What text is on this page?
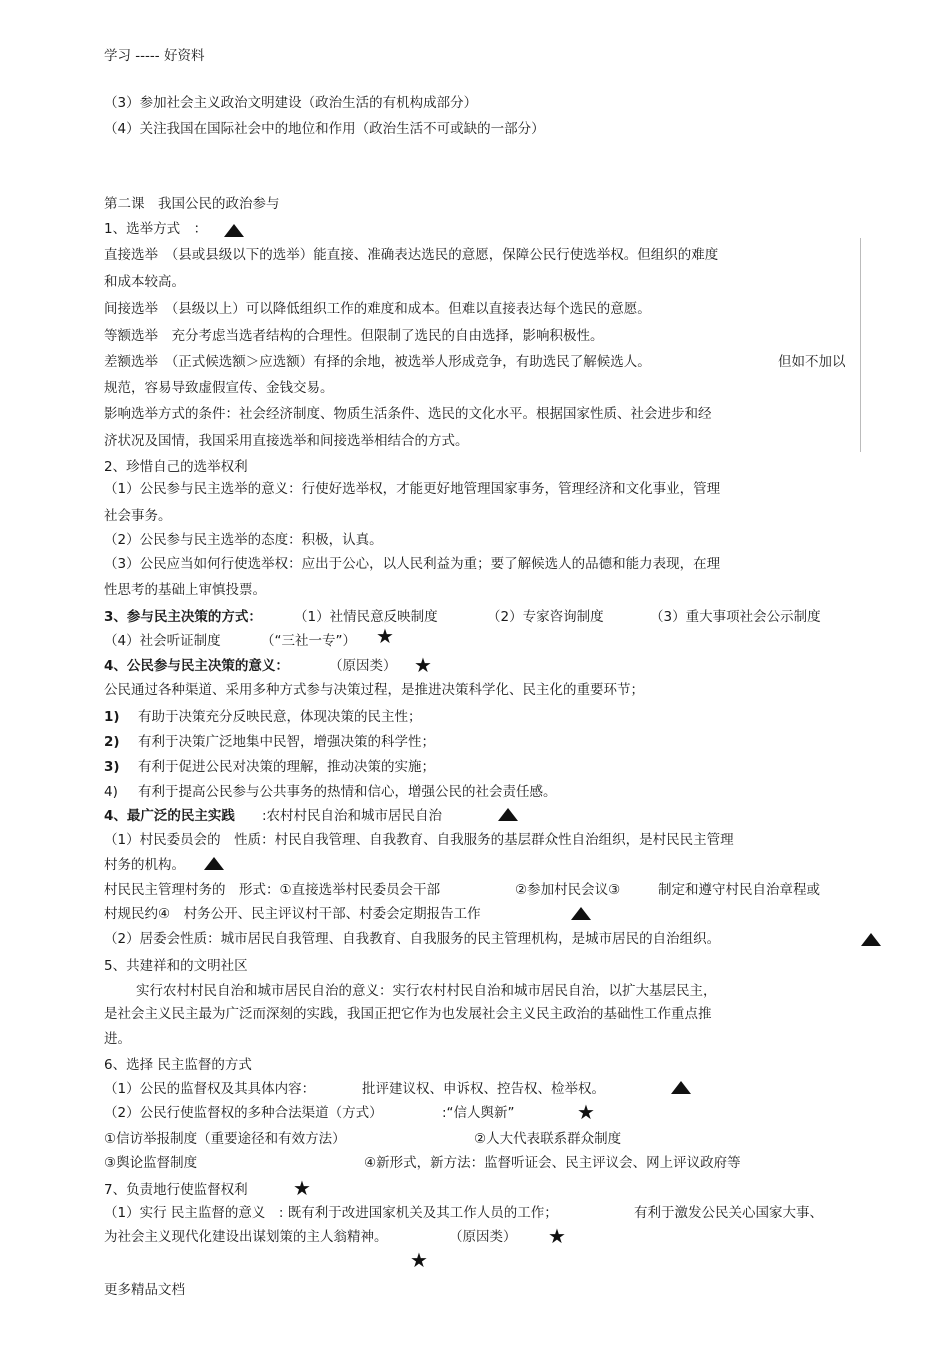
学习 ----- 好资料
（3）参加社会主义政治文明建设（政治生活的有机构成部分）
（4）关注我国在国际社会中的地位和作用（政治生活不可或缺的一部分）
第二课　我国公民的政治参与
1、选举方式　：
直接选举　（县或县级以下的选举）能直接、准确表达选民的意愿，保障公民行使选举权。但组织的难度
和成本较高。
间接选举　（县级以上）可以降低组织工作的难度和成本。但难以直接表达每个选民的意愿。
等额选举　充分考虑当选者结构的合理性。但限制了选民的自由选择，影响积极性。
差额选举　（正式候选额＞应选额）有择的余地，被选举人形成竞争，有助选民了解候选人。	但如不加以
规范，容易导致虚假宣传、金钱交易。
影响选举方式的条件：社会经济制度、物质生活条件、选民的文化水平。根据国家性质、社会进步和经
济状况及国情，我国采用直接选举和间接选举相结合的方式。
2、珍惜自己的选举权利
（1）公民参与民主选举的意义：行使好选举权，才能更好地管理国家事务，管理经济和文化事业，管理
社会事务。
（2）公民参与民主选举的态度：积极，认真。
（3）公民应当如何行使选举权：应出于公心，以人民利益为重；要了解候选人的品德和能力表现，在理
性思考的基础上审慎投票。
3、参与民主决策的方式： （1）社情民意反映制度	（2）专家咨询制度	（3）重大事项社会公示制度
（4）社会听证制度	（“三社一专”） ★
4、公民参与民主决策的意义：	（原因类） ★
公民通过各种渠道、采用多种方式参与决策过程，是推进决策科学化、民主化的重要环节；
1) 有助于决策充分反映民意，体现决策的民主性；
2) 有利于决策广泛地集中民智，增强决策的科学性；
3) 有利于促进公民对决策的理解，推动决策的实施；
4) 有利于提高公民参与公共事务的热情和信心，增强公民的社会责任感。
4、最广泛的民主实践 :农村村民自治和城市居民自治
（1）村民委员会的　性质：村民自我管理、自我教育、自我服务的基层群众性自治组织，是村民民主管理
村务的机构。
村民民主管理村务的　形式：①直接选举村民委员会干部	②参加村民会议③	制定和遵守村民自治章程或
村规民约④　村务公开、民主评议村干部、村委会定期报告工作
（2）居委会性质：城市居民自我管理、自我教育、自我服务的民主管理机构，是城市居民的自治组织。
5、共建祥和的文明社区
实行农村村民自治和城市居民自治的意义：实行农村村民自治和城市居民自治，以扩大基层民主，
是社会主义民主最为广泛而深刻的实践，我国正把它作为也发展社会主义民主政治的基础性工作重点推
进。
6、选择 民主监督的方式
（1）公民的监督权及其具体内容：	批评建议权、申诉权、控告权、检举权。
（2）公民行使监督权的多种合法渠道（方式）	:“信人舆新”	★
①信访举报制度（重要途径和有效方法）	②人大代表联系群众制度
③舆论监督制度	④新形式，新方法：监督听证会、民主评议会、网上评议政府等
7、负责地行使监督权利 ★
（1）实行 民主监督的意义　: 既有利于改进国家机关及其工作人员的工作；	有利于激发公民关心国家大事、
为社会主义现代化建设出谋划策的主人翁精神。	（原因类） ★
★
更多精品文档
